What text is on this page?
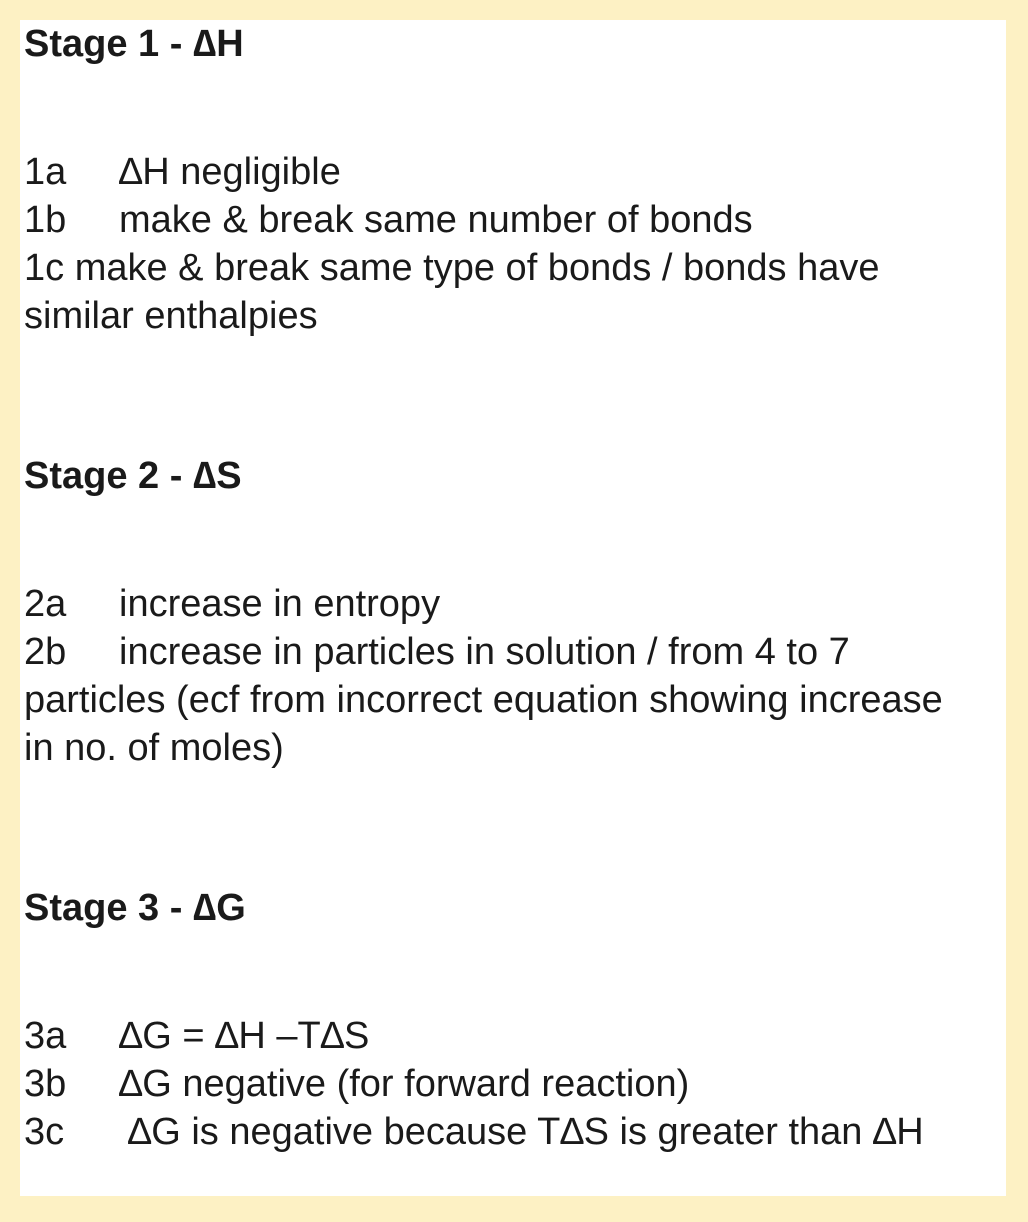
Stage 1 - ∆H
1a ∆H negligible
1b make & break same number of bonds
1c make & break same type of bonds / bonds have similar enthalpies
Stage 2 - ∆S
2a increase in entropy
2b increase in particles in solution / from 4 to 7 particles (ecf from incorrect equation showing increase in no. of moles)
Stage 3 - ∆G
3a ∆G = ∆H –T∆S
3b ∆G negative (for forward reaction)
3c ∆G is negative because T∆S is greater than ∆H
